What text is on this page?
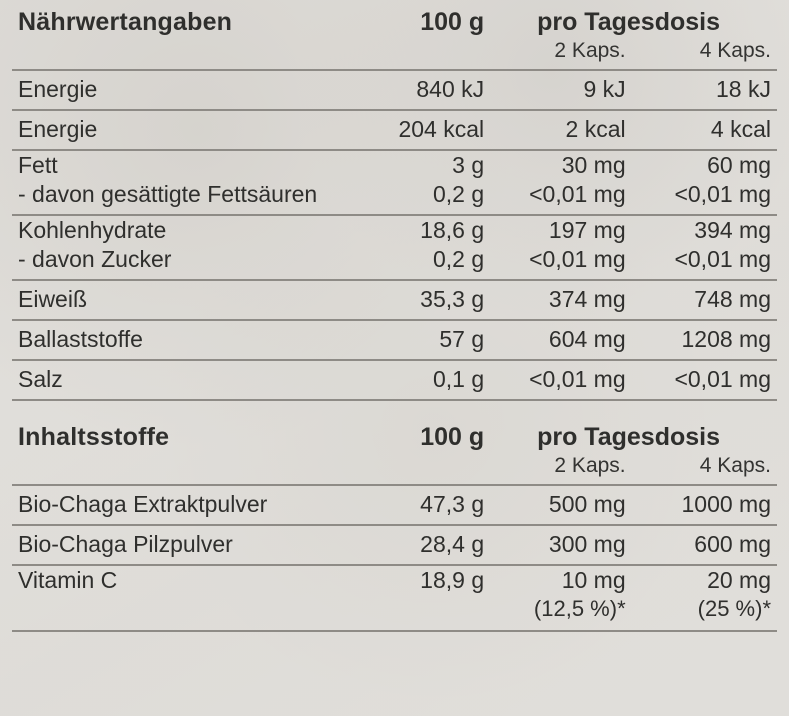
Nährwertangaben	100 g	pro Tagesdosis	
		2 Kaps.	4 Kaps.
Energie	840 kJ	9 kJ	18 kJ
Energie	204 kcal	2 kcal	4 kcal
Fett	3 g	30 mg	60 mg
- davon gesättigte Fettsäuren	0,2 g	<0,01 mg	<0,01 mg
Kohlenhydrate	18,6 g	197 mg	394 mg
- davon Zucker	0,2 g	<0,01 mg	<0,01 mg
Eiweiß	35,3 g	374 mg	748 mg
Ballaststoffe	57 g	604 mg	1208 mg
Salz	0,1 g	<0,01 mg	<0,01 mg

Inhaltsstoffe	100 g	pro Tagesdosis	
		2 Kaps.	4 Kaps.
Bio-Chaga Extraktpulver	47,3 g	500 mg	1000 mg
Bio-Chaga Pilzpulver	28,4 g	300 mg	600 mg
Vitamin C	18,9 g	10 mg	20 mg
		(12,5 %)*	(25 %)*
